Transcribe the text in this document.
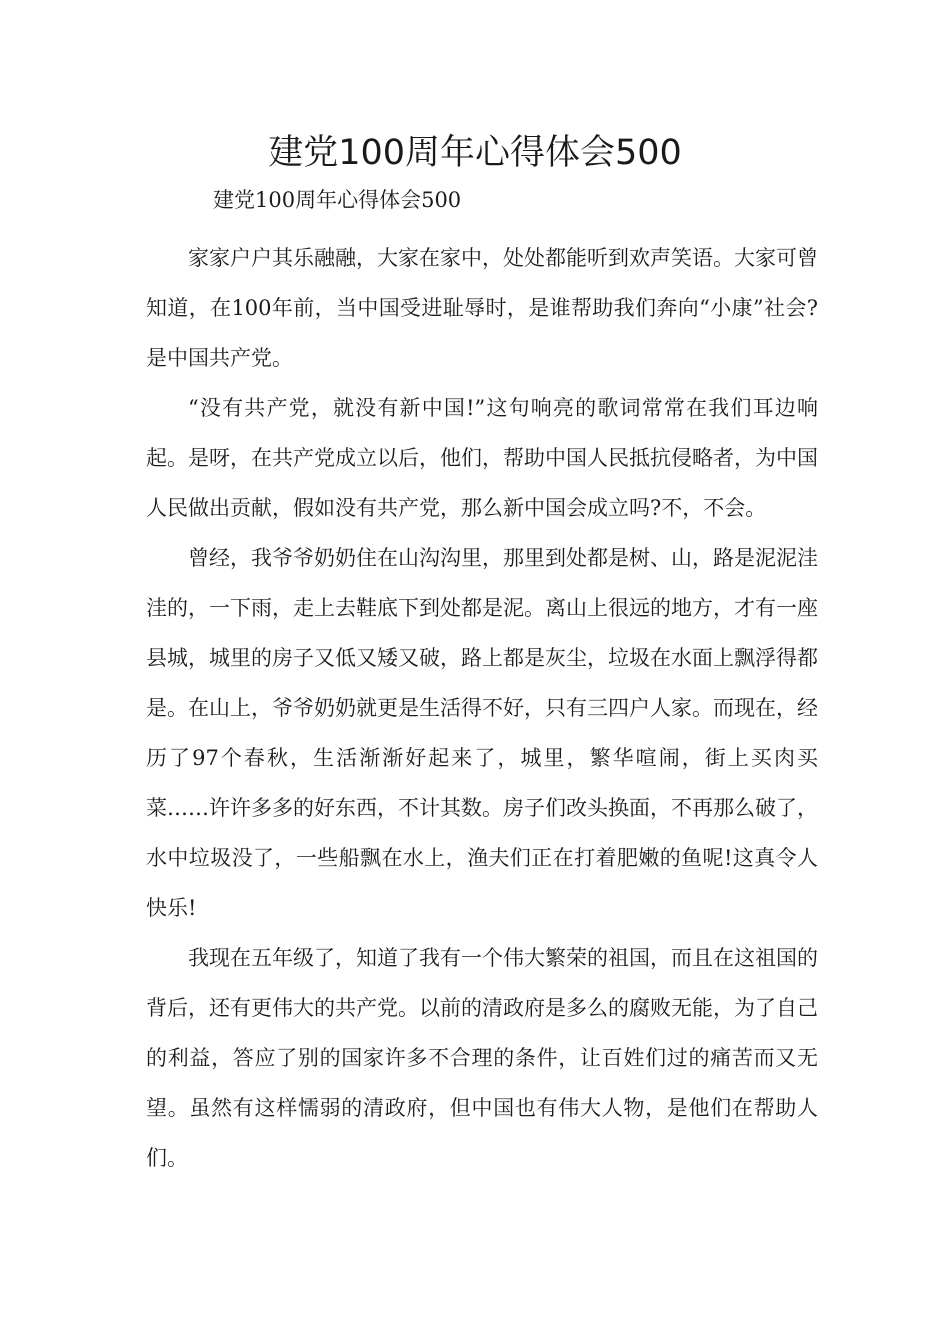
建党100周年心得体会500

建党100周年心得体会500

家家户户其乐融融，大家在家中，处处都能听到欢声笑语。大家可曾知道，在100年前，当中国受进耻辱时，是谁帮助我们奔向“小康”社会?是中国共产党。

“没有共产党，就没有新中国!”这句响亮的歌词常常在我们耳边响起。是呀，在共产党成立以后，他们，帮助中国人民抵抗侵略者，为中国人民做出贡献，假如没有共产党，那么新中国会成立吗?不，不会。

曾经，我爷爷奶奶住在山沟沟里，那里到处都是树、山，路是泥泥洼洼的，一下雨，走上去鞋底下到处都是泥。离山上很远的地方，才有一座县城，城里的房子又低又矮又破，路上都是灰尘，垃圾在水面上飘浮得都是。在山上，爷爷奶奶就更是生活得不好，只有三四户人家。而现在，经历了97个春秋，生活渐渐好起来了，城里，繁华喧闹，街上买肉买菜……许许多多的好东西，不计其数。房子们改头换面，不再那么破了，水中垃圾没了，一些船飘在水上，渔夫们正在打着肥嫩的鱼呢!这真令人快乐!

我现在五年级了，知道了我有一个伟大繁荣的祖国，而且在这祖国的背后，还有更伟大的共产党。以前的清政府是多么的腐败无能，为了自己的利益，答应了别的国家许多不合理的条件，让百姓们过的痛苦而又无望。虽然有这样懦弱的清政府，但中国也有伟大人物，是他们在帮助人们。
